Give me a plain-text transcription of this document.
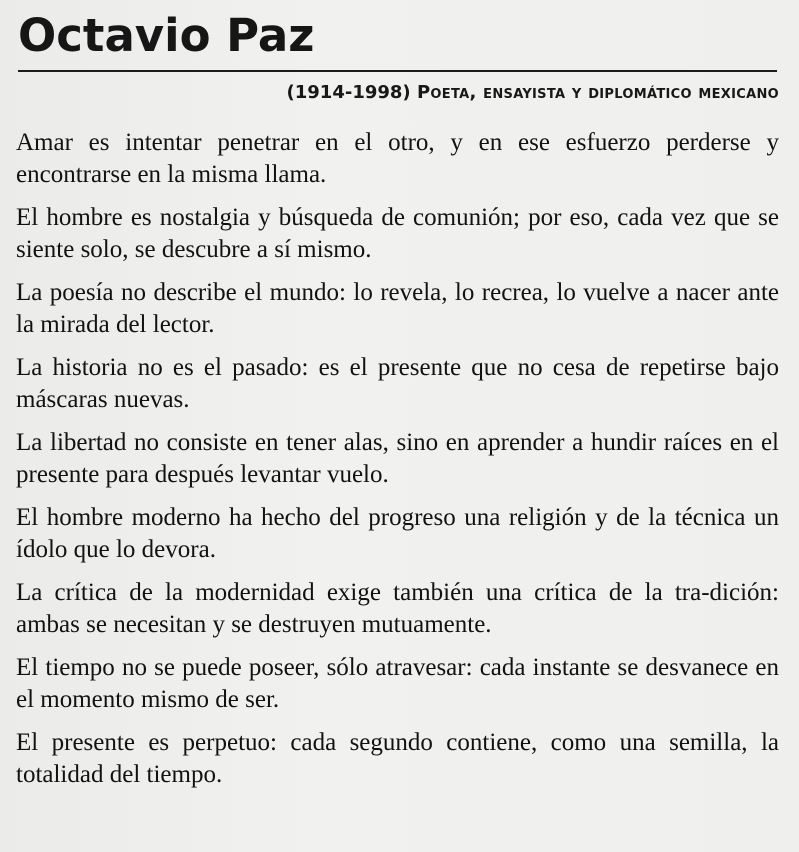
Octavio Paz
(1914-1998) Poeta, ensayista y diplomático mexicano
Amar es intentar penetrar en el otro, y en ese esfuerzo perderse y encontrarse en la misma llama.
El hombre es nostalgia y búsqueda de comunión; por eso, cada vez que se siente solo, se descubre a sí mismo.
La poesía no describe el mundo: lo revela, lo recrea, lo vuelve a nacer ante la mirada del lector.
La historia no es el pasado: es el presente que no cesa de repetirse bajo máscaras nuevas.
La libertad no consiste en tener alas, sino en aprender a hundir raíces en el presente para después levantar vuelo.
El hombre moderno ha hecho del progreso una religión y de la técnica un ídolo que lo devora.
La crítica de la modernidad exige también una crítica de la tra-dición: ambas se necesitan y se destruyen mutuamente.
El tiempo no se puede poseer, sólo atravesar: cada instante se desvanece en el momento mismo de ser.
El presente es perpetuo: cada segundo contiene, como una semilla, la totalidad del tiempo.
